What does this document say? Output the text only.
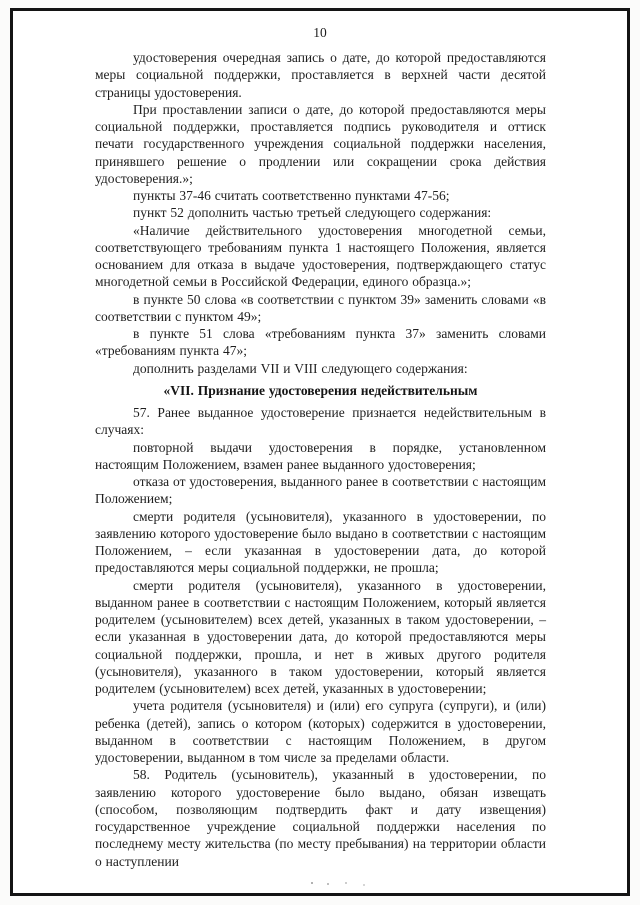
10

удостоверения очередная запись о дате, до которой предоставляются меры социальной поддержки, проставляется в верхней части десятой страницы удостоверения.

При проставлении записи о дате, до которой предоставляются меры социальной поддержки, проставляется подпись руководителя и оттиск печати государственного учреждения социальной поддержки населения, принявшего решение о продлении или сокращении срока действия удостоверения.»;

пункты 37-46 считать соответственно пунктами 47-56;

пункт 52 дополнить частью третьей следующего содержания:

«Наличие действительного удостоверения многодетной семьи, соответствующего требованиям пункта 1 настоящего Положения, является основанием для отказа в выдаче удостоверения, подтверждающего статус многодетной семьи в Российской Федерации, единого образца.»;

в пункте 50 слова «в соответствии с пунктом 39» заменить словами «в соответствии с пунктом 49»;

в пункте 51 слова «требованиям пункта 37» заменить словами «требованиям пункта 47»;

дополнить разделами VII и VIII следующего содержания:

«VII. Признание удостоверения недействительным

57. Ранее выданное удостоверение признается недействительным в случаях:

повторной выдачи удостоверения в порядке, установленном настоящим Положением, взамен ранее выданного удостоверения;

отказа от удостоверения, выданного ранее в соответствии с настоящим Положением;

смерти родителя (усыновителя), указанного в удостоверении, по заявлению которого удостоверение было выдано в соответствии с настоящим Положением, – если указанная в удостоверении дата, до которой предоставляются меры социальной поддержки, не прошла;

смерти родителя (усыновителя), указанного в удостоверении, выданном ранее в соответствии с настоящим Положением, который является родителем (усыновителем) всех детей, указанных в таком удостоверении, – если указанная в удостоверении дата, до которой предоставляются меры социальной поддержки, прошла, и нет в живых другого родителя (усыновителя), указанного в таком удостоверении, который является родителем (усыновителем) всех детей, указанных в удостоверении;

учета родителя (усыновителя) и (или) его супруга (супруги), и (или) ребенка (детей), запись о котором (которых) содержится в удостоверении, выданном в соответствии с настоящим Положением, в другом удостоверении, выданном в том числе за пределами области.

58. Родитель (усыновитель), указанный в удостоверении, по заявлению которого удостоверение было выдано, обязан извещать (способом, позволяющим подтвердить факт и дату извещения) государственное учреждение социальной поддержки населения по последнему месту жительства (по месту пребывания) на территории области о наступлении
